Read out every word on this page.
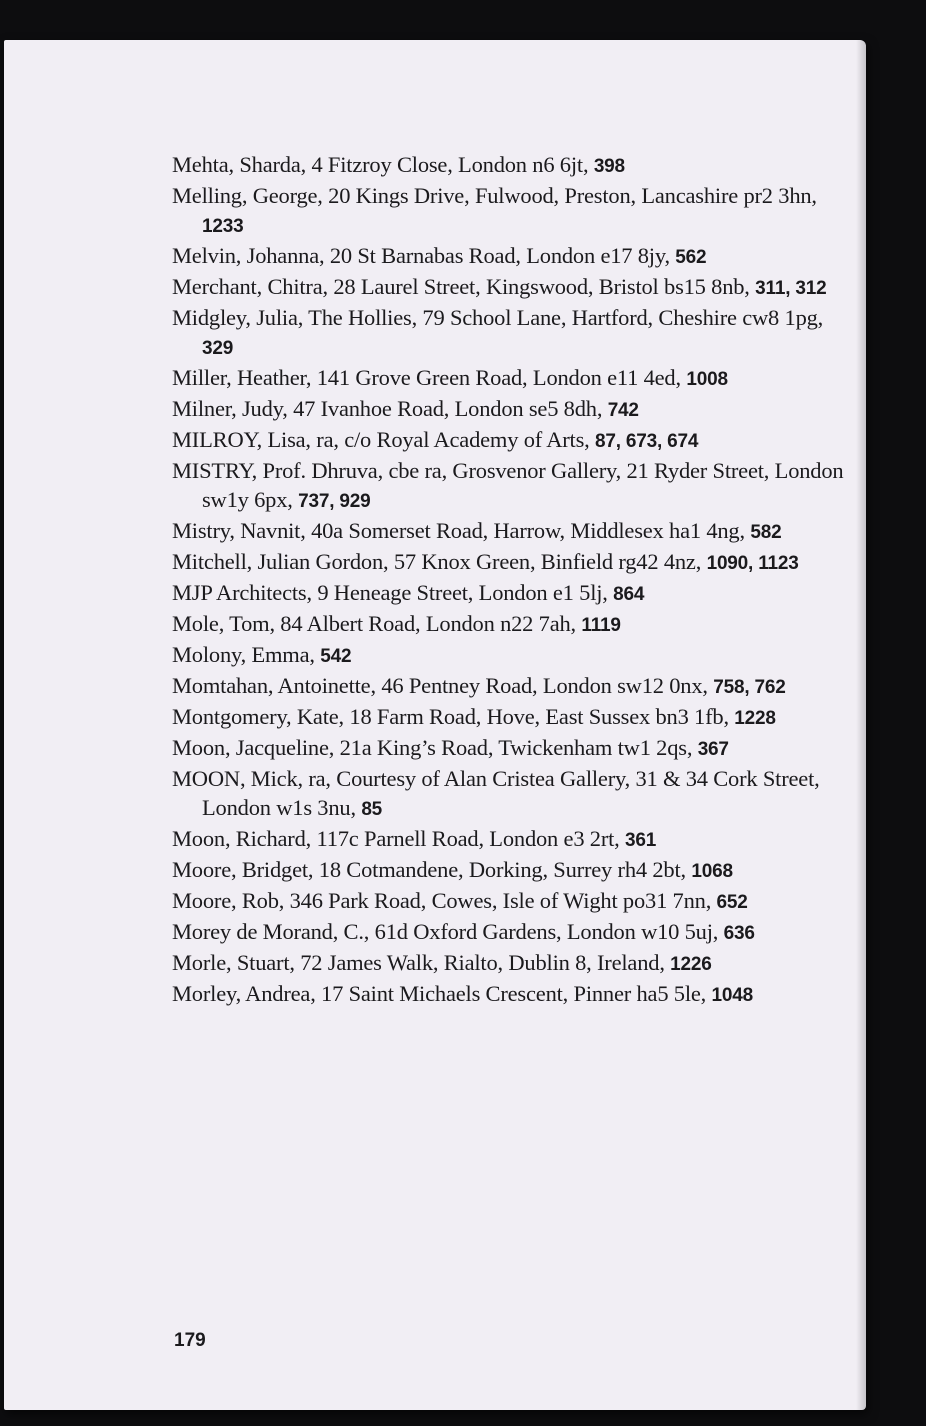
Mehta, Sharda, 4 Fitzroy Close, London n6 6jt, 398

Melling, George, 20 Kings Drive, Fulwood, Preston, Lancashire pr2 3hn, 1233

Melvin, Johanna, 20 St Barnabas Road, London e17 8jy, 562

Merchant, Chitra, 28 Laurel Street, Kingswood, Bristol bs15 8nb, 311, 312

Midgley, Julia, The Hollies, 79 School Lane, Hartford, Cheshire cw8 1pg, 329

Miller, Heather, 141 Grove Green Road, London e11 4ed, 1008

Milner, Judy, 47 Ivanhoe Road, London se5 8dh, 742

MILROY, Lisa, ra, c/o Royal Academy of Arts, 87, 673, 674

MISTRY, Prof. Dhruva, cbe ra, Grosvenor Gallery, 21 Ryder Street, London sw1y 6px, 737, 929

Mistry, Navnit, 40a Somerset Road, Harrow, Middlesex ha1 4ng, 582

Mitchell, Julian Gordon, 57 Knox Green, Binfield rg42 4nz, 1090, 1123

MJP Architects, 9 Heneage Street, London e1 5lj, 864

Mole, Tom, 84 Albert Road, London n22 7ah, 1119

Molony, Emma, 542

Momtahan, Antoinette, 46 Pentney Road, London sw12 0nx, 758, 762

Montgomery, Kate, 18 Farm Road, Hove, East Sussex bn3 1fb, 1228

Moon, Jacqueline, 21a King’s Road, Twickenham tw1 2qs, 367

MOON, Mick, ra, Courtesy of Alan Cristea Gallery, 31 & 34 Cork Street, London w1s 3nu, 85

Moon, Richard, 117c Parnell Road, London e3 2rt, 361

Moore, Bridget, 18 Cotmandene, Dorking, Surrey rh4 2bt, 1068

Moore, Rob, 346 Park Road, Cowes, Isle of Wight po31 7nn, 652

Morey de Morand, C., 61d Oxford Gardens, London w10 5uj, 636

Morle, Stuart, 72 James Walk, Rialto, Dublin 8, Ireland, 1226

Morley, Andrea, 17 Saint Michaels Crescent, Pinner ha5 5le, 1048

179
